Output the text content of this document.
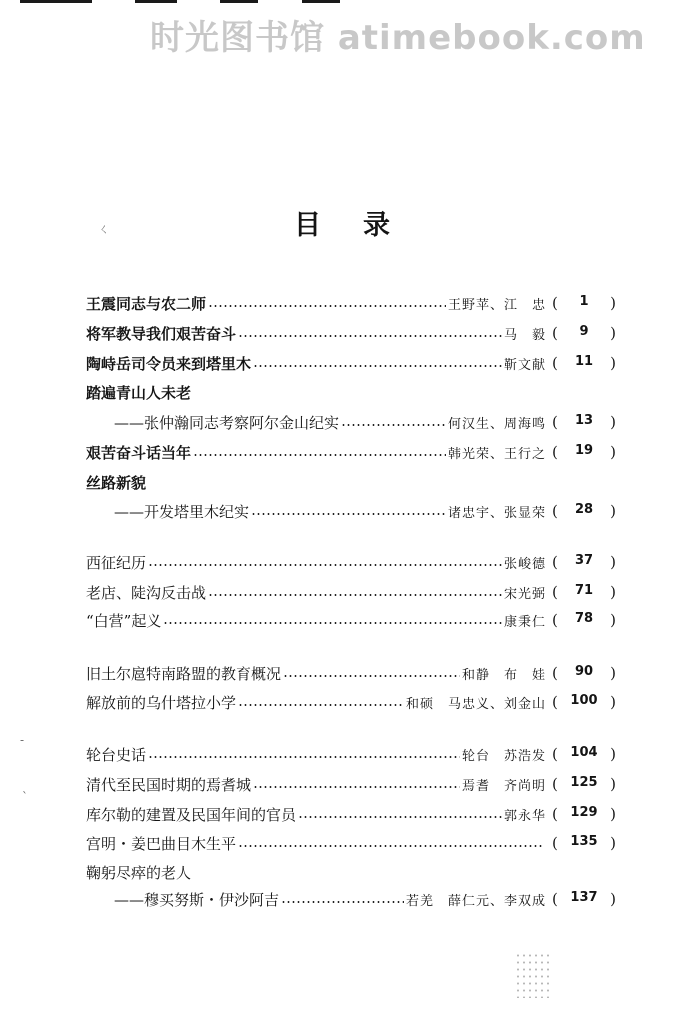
时光图书馆 atimebook.com
ㄑ	目录
王震同志与农二师	王野苹、江　忠 ( 1 )
将军教导我们艰苦奋斗	马　毅 ( 9 )
陶峙岳司令员来到塔里木	靳文献 ( 11 )
踏遍青山人未老
——张仲瀚同志考察阿尔金山纪实	何汉生、周海鸣 ( 13 )
艰苦奋斗话当年	韩光荣、王行之 ( 19 )
丝路新貌
——开发塔里木纪实	诸忠宇、张显荣 ( 28 )
西征纪历	张峻德 ( 37 )
老店、陡沟反击战	宋光弼 ( 71 )
“白营”起义	康秉仁 ( 78 )
旧土尔扈特南路盟的教育概况	和静　布　娃 ( 90 )
解放前的乌什塔拉小学	和硕　马忠义、刘金山 ( 100 )
轮台史话	轮台　苏浩发 ( 104 )
清代至民国时期的焉耆城	焉耆　齐尚明 ( 125 )
库尔勒的建置及民国年间的官员	郭永华 ( 129 )
宫明・姜巴曲目木生平	( 135 )
鞠躬尽瘁的老人
——穆买努斯・伊沙阿吉	若羌　薛仁元、李双成 ( 137 )
-
ˋ
